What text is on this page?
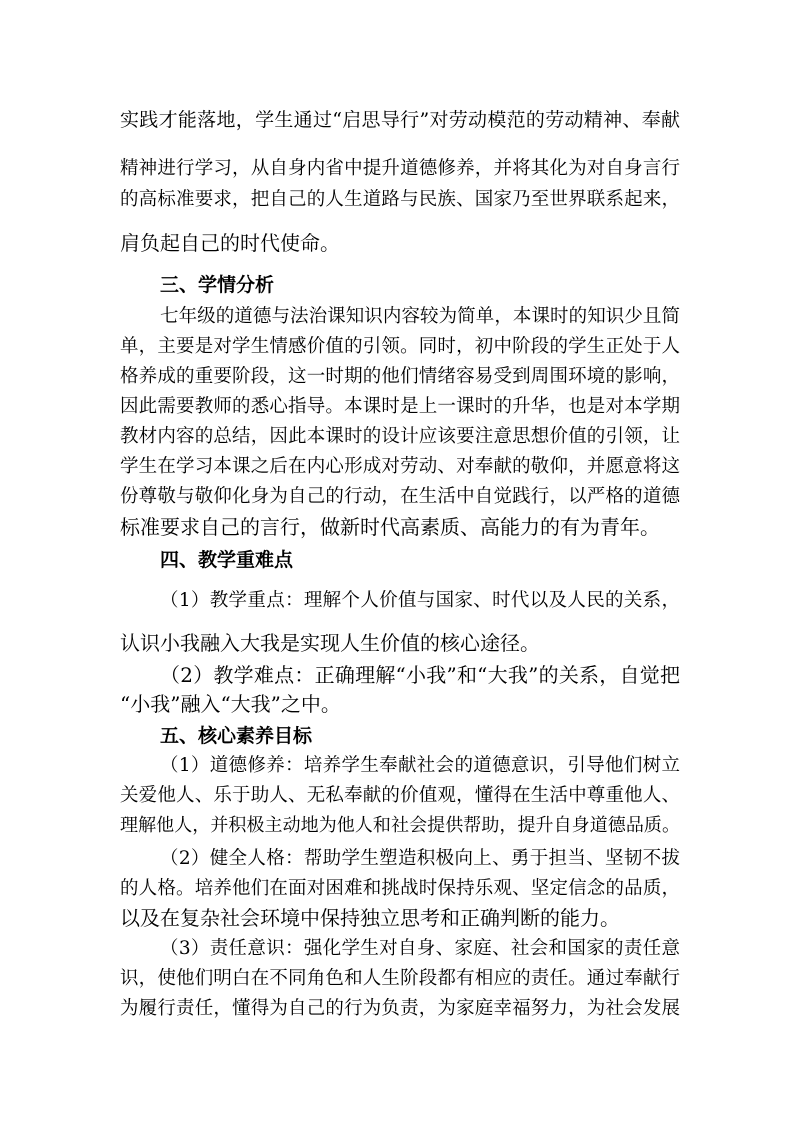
实践才能落地，学生通过“启思导行”对劳动模范的劳动精神、奉献
精神进行学习，从自身内省中提升道德修养，并将其化为对自身言行
的高标准要求，把自己的人生道路与民族、国家乃至世界联系起来，
肩负起自己的时代使命。
三、学情分析
七年级的道德与法治课知识内容较为简单，本课时的知识少且简
单，主要是对学生情感价值的引领。同时，初中阶段的学生正处于人
格养成的重要阶段，这一时期的他们情绪容易受到周围环境的影响，
因此需要教师的悉心指导。本课时是上一课时的升华，也是对本学期
教材内容的总结，因此本课时的设计应该要注意思想价值的引领，让
学生在学习本课之后在内心形成对劳动、对奉献的敬仰，并愿意将这
份尊敬与敬仰化身为自己的行动，在生活中自觉践行，以严格的道德
标准要求自己的言行，做新时代高素质、高能力的有为青年。
四、教学重难点
（1）教学重点：理解个人价值与国家、时代以及人民的关系，
认识小我融入大我是实现人生价值的核心途径。
（2）教学难点：正确理解“小我”和“大我”的关系，自觉把
“小我”融入“大我”之中。
五、核心素养目标
（1）道德修养：培养学生奉献社会的道德意识，引导他们树立
关爱他人、乐于助人、无私奉献的价值观，懂得在生活中尊重他人、
理解他人，并积极主动地为他人和社会提供帮助，提升自身道德品质。
（2）健全人格：帮助学生塑造积极向上、勇于担当、坚韧不拔
的人格。培养他们在面对困难和挑战时保持乐观、坚定信念的品质，
以及在复杂社会环境中保持独立思考和正确判断的能力。
（3）责任意识：强化学生对自身、家庭、社会和国家的责任意
识，使他们明白在不同角色和人生阶段都有相应的责任。通过奉献行
为履行责任，懂得为自己的行为负责，为家庭幸福努力，为社会发展
